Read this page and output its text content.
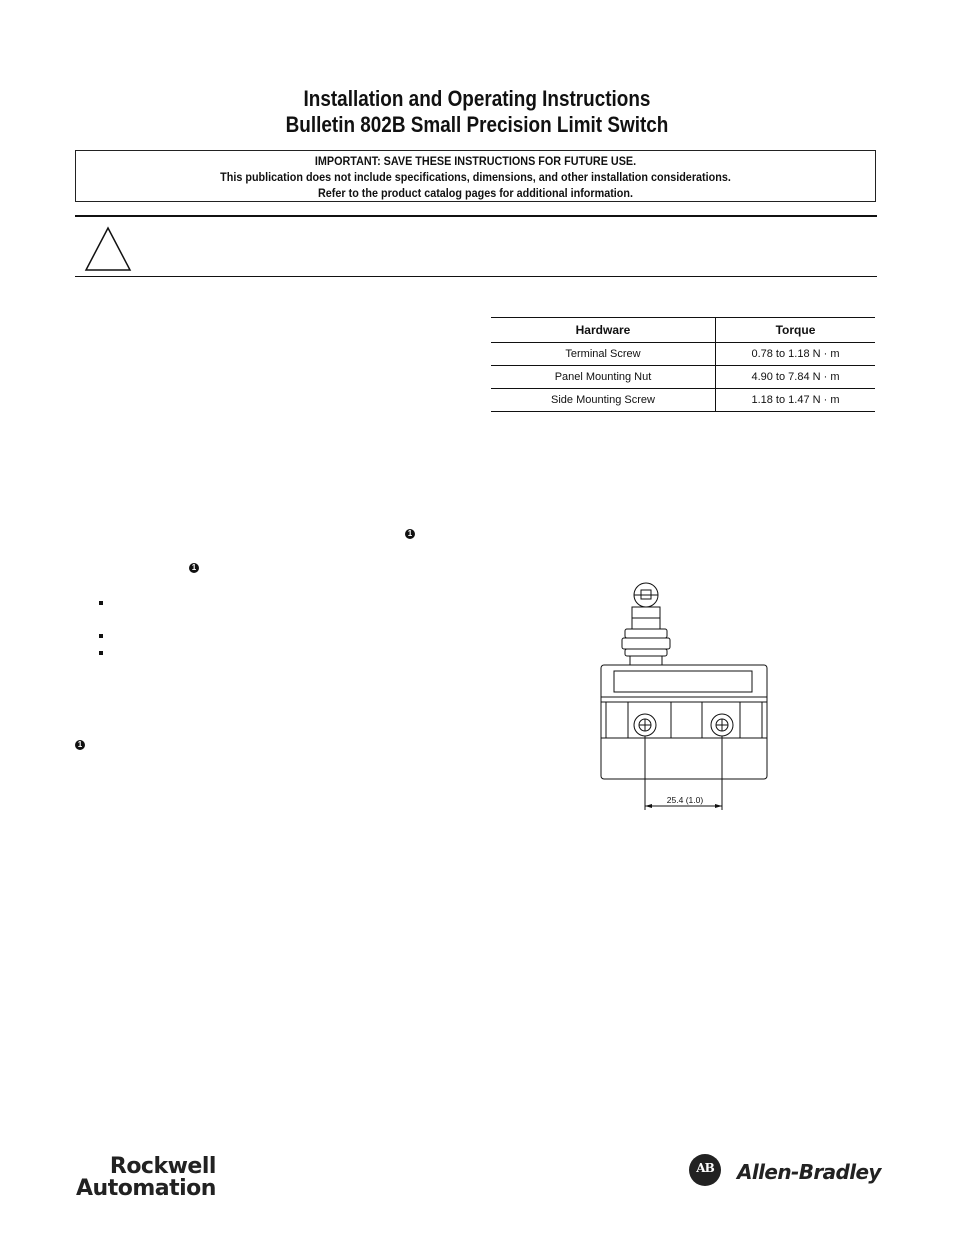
Installation and Operating Instructions
Bulletin 802B Small Precision Limit Switch
IMPORTANT: SAVE THESE INSTRUCTIONS FOR FUTURE USE.
This publication does not include specifications, dimensions, and other installation considerations.
Refer to the product catalog pages for additional information.
Hardware	Torque
Terminal Screw	0.78 to 1.18 N · m
Panel Mounting Nut	4.90 to 7.84 N · m
Side Mounting Screw	1.18 to 1.47 N · m
1
1
1
25.4 (1.0)
Rockwell
Automation
AB	Allen-Bradley
